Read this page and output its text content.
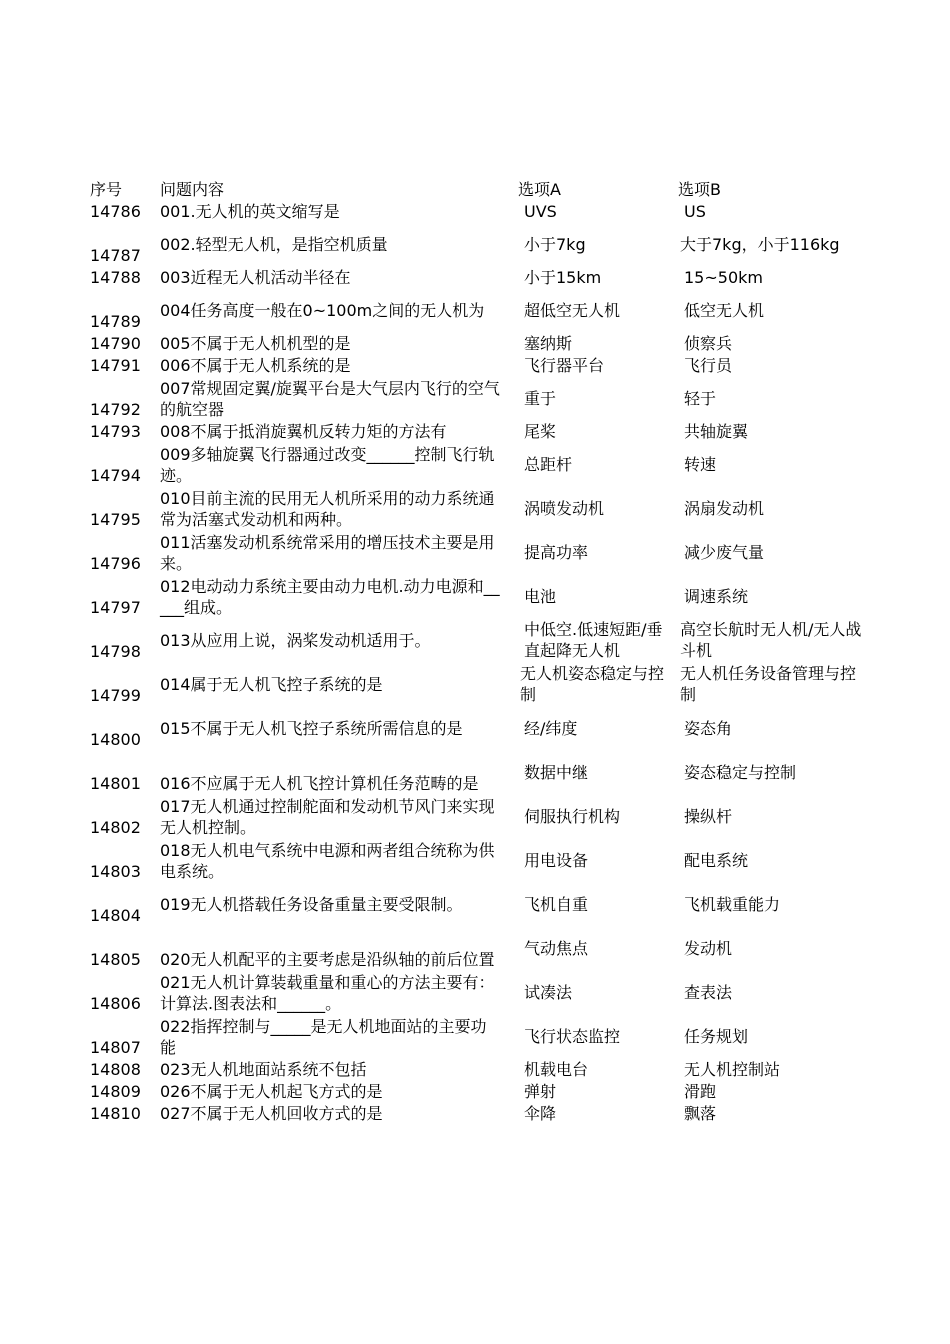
序号	问题内容	选项A	选项B
14786	001.无人机的英文缩写是	UVS	US
14787	002.轻型无人机，是指空机质量	小于7kg	大于7kg，小于116kg
14788	003近程无人机活动半径在	小于15km	15~50km
14789	004任务高度一般在0~100m之间的无人机为	超低空无人机	低空无人机
14790	005不属于无人机机型的是	塞纳斯	侦察兵
14791	006不属于无人机系统的是	飞行器平台	飞行员
14792	007常规固定翼/旋翼平台是大气层内飞行的空气的航空器	重于	轻于
14793	008不属于抵消旋翼机反转力矩的方法有	尾桨	共轴旋翼
14794	009多轴旋翼飞行器通过改变______控制飞行轨迹。	总距杆	转速
14795	010目前主流的民用无人机所采用的动力系统通常为活塞式发动机和两种。	涡喷发动机	涡扇发动机
14796	011活塞发动机系统常采用的增压技术主要是用来。	提高功率	减少废气量
14797	012电动动力系统主要由动力电机.动力电源和_____组成。	电池	调速系统
14798	013从应用上说，涡桨发动机适用于。	中低空.低速短距/垂直起降无人机	高空长航时无人机/无人战斗机
14799	014属于无人机飞控子系统的是	无人机姿态稳定与控制	无人机任务设备管理与控制
14800	015不属于无人机飞控子系统所需信息的是	经/纬度	姿态角
14801	016不应属于无人机飞控计算机任务范畴的是	数据中继	姿态稳定与控制
14802	017无人机通过控制舵面和发动机节风门来实现无人机控制。	伺服执行机构	操纵杆
14803	018无人机电气系统中电源和两者组合统称为供电系统。	用电设备	配电系统
14804	019无人机搭载任务设备重量主要受限制。	飞机自重	飞机载重能力
14805	020无人机配平的主要考虑是沿纵轴的前后位置	气动焦点	发动机
14806	021无人机计算装载重量和重心的方法主要有：计算法.图表法和______。	试凑法	查表法
14807	022指挥控制与_____是无人机地面站的主要功能	飞行状态监控	任务规划
14808	023无人机地面站系统不包括	机载电台	无人机控制站
14809	026不属于无人机起飞方式的是	弹射	滑跑
14810	027不属于无人机回收方式的是	伞降	飘落
